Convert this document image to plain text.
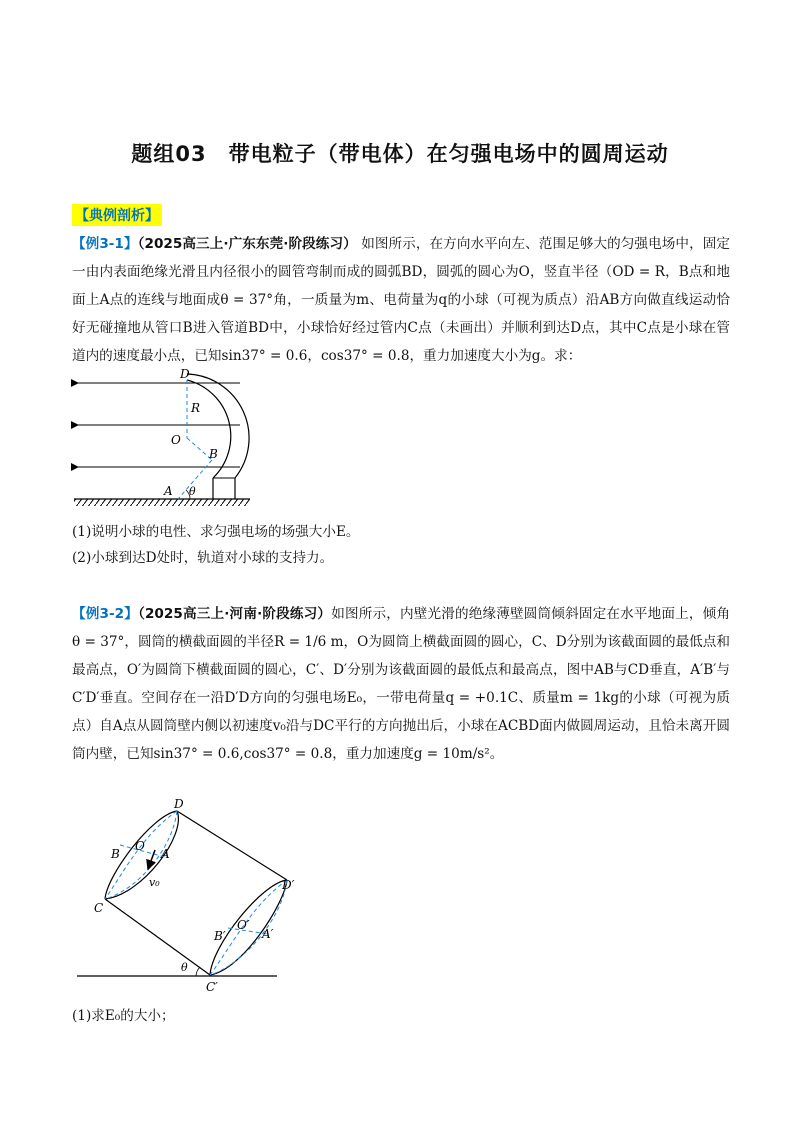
题组03　带电粒子（带电体）在匀强电场中的圆周运动
【典例剖析】
【例3-1】（2025高三上·广东东莞·阶段练习） 如图所示，在方向水平向左、范围足够大的匀强电场中，固定一由内表面绝缘光滑且内径很小的圆管弯制而成的圆弧BD，圆弧的圆心为O，竖直半径（OD = R，B点和地面上A点的连线与地面成θ = 37°角，一质量为m、电荷量为q的小球（可视为质点）沿AB方向做直线运动恰好无碰撞地从管口B进入管道BD中，小球恰好经过管内C点（未画出）并顺利到达D点，其中C点是小球在管道内的速度最小点，已知sin37° = 0.6，cos37° = 0.8，重力加速度大小为g。求：
D
R
O
B
A θ
(1)说明小球的电性、求匀强电场的场强大小E。
(2)小球到达D处时，轨道对小球的支持力。
【例3-2】（2025高三上·河南·阶段练习）如图所示，内壁光滑的绝缘薄壁圆筒倾斜固定在水平地面上，倾角θ = 37°，圆筒的横截面圆的半径R = 1/6 m，O为圆筒上横截面圆的圆心，C、D分别为该截面圆的最低点和最高点，O′为圆筒下横截面圆的圆心，C′、D′分别为该截面圆的最低点和最高点，图中AB与CD垂直，A′B′与C′D′垂直。空间存在一沿D′D方向的匀强电场E₀，一带电荷量q = +0.1C、质量m = 1kg的小球（可视为质点）自A点从圆筒壁内侧以初速度v₀沿与DC平行的方向抛出后，小球在ACBD面内做圆周运动，且恰未离开圆筒内壁，已知sin37° = 0.6,cos37° = 0.8，重力加速度g = 10m/s²。
D
B
O
A
v₀
C
D′
B′
O′
A′
θ
C′
(1)求E₀的大小；
